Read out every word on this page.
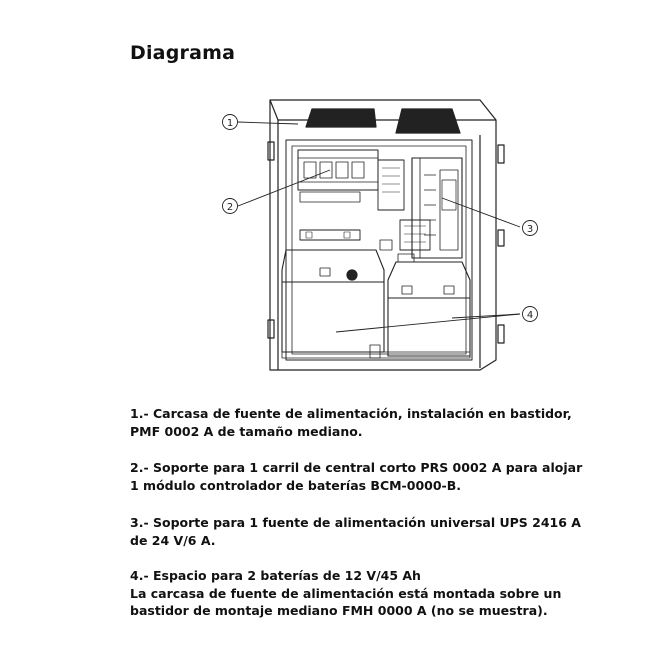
Diagrama
1
2
3
4
1.- Carcasa de fuente de alimentación, instalación en bastidor,
PMF 0002 A de tamaño mediano.
2.- Soporte para 1 carril de central corto PRS 0002 A para alojar
1 módulo controlador de baterías BCM-0000-B.
3.- Soporte para 1 fuente de alimentación universal UPS 2416 A
de 24 V/6 A.
4.- Espacio para 2 baterías de 12 V/45 Ah
La carcasa de fuente de alimentación está montada sobre un
bastidor de montaje mediano FMH 0000 A (no se muestra).
